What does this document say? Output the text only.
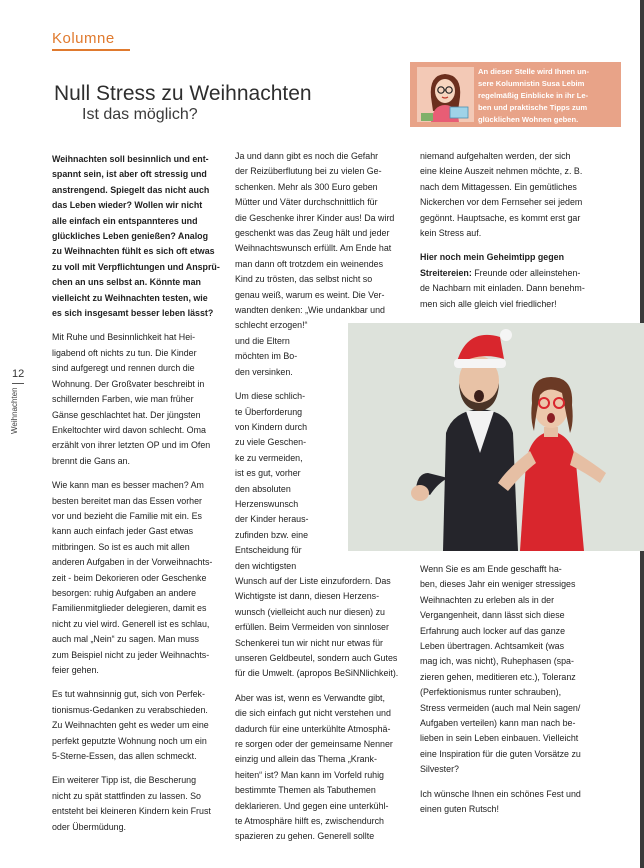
Kolumne
Null Stress zu Weihnachten
Ist das möglich?
An dieser Stelle wird Ihnen un-
sere Kolumnistin Susa Lebim
regelmäßig Einblicke in ihr Le-
ben und praktische Tipps zum
glücklichen Wohnen geben.
12
Weihnachten

Weihnachten soll besinnlich und ent-
spannt sein, ist aber oft stressig und
anstrengend. Spiegelt das nicht auch
das Leben wieder? Wollen wir nicht
alle einfach ein entspannteres und
glückliches Leben genießen? Analog
zu Weihnachten fühlt es sich oft etwas
zu voll mit Verpflichtungen und Ansprü-
chen an uns selbst an. Könnte man
vielleicht zu Weihnachten testen, wie
es sich insgesamt besser leben lässt?

Mit Ruhe und Besinnlichkeit hat Hei-
ligabend oft nichts zu tun. Die Kinder
sind aufgeregt und rennen durch die
Wohnung. Der Großvater beschreibt in
schillernden Farben, wie man früher
Gänse geschlachtet hat. Der jüngsten
Enkeltochter wird davon schlecht. Oma
erzählt von ihrer letzten OP und im Ofen
brennt die Gans an.

Wie kann man es besser machen? Am
besten bereitet man das Essen vorher
vor und bezieht die Familie mit ein. Es
kann auch einfach jeder Gast etwas
mitbringen. So ist es auch mit allen
anderen Aufgaben in der Vorweihnachts-
zeit - beim Dekorieren oder Geschenke
besorgen: ruhig Aufgaben an andere
Familienmitglieder delegieren, damit es
nicht zu viel wird. Generell ist es schlau,
auch mal „Nein“ zu sagen. Man muss
zum Beispiel nicht zu jeder Weihnachts-
feier gehen.

Es tut wahnsinnig gut, sich von Perfek-
tionismus-Gedanken zu verabschieden.
Zu Weihnachten geht es weder um eine
perfekt geputzte Wohnung noch um ein
5-Sterne-Essen, das allen schmeckt.

Ein weiterer Tipp ist, die Bescherung
nicht zu spät stattfinden zu lassen. So
entsteht bei kleineren Kindern kein Frust
oder Übermüdung.

Ja und dann gibt es noch die Gefahr
der Reizüberflutung bei zu vielen Ge-
schenken. Mehr als 300 Euro geben
Mütter und Väter durchschnittlich für
die Geschenke ihrer Kinder aus! Da wird
geschenkt was das Zeug hält und jeder
Weihnachtswunsch erfüllt. Am Ende hat
man dann oft trotzdem ein weinendes
Kind zu trösten, das selbst nicht so
genau weiß, warum es weint. Die Ver-
wandten denken: „Wie undankbar und
schlecht erzogen!“
und die Eltern
möchten im Bo-
den versinken.

Um diese schlich-
te Überforderung
von Kindern durch
zu viele Geschen-
ke zu vermeiden,
ist es gut, vorher
den absoluten
Herzenswunsch
der Kinder heraus-
zufinden bzw. eine
Entscheidung für
den wichtigsten
Wunsch auf der Liste einzufordern. Das
Wichtigste ist dann, diesen Herzens-
wunsch (vielleicht auch nur diesen) zu
erfüllen. Beim Vermeiden von sinnloser
Schenkerei tun wir nicht nur etwas für
unseren Geldbeutel, sondern auch Gutes
für die Umwelt. (apropos BeSiNNlichkeit).

Aber was ist, wenn es Verwandte gibt,
die sich einfach gut nicht verstehen und
dadurch für eine unterkühlte Atmosphä-
re sorgen oder der gemeinsame Nenner
einzig und allein das Thema „Krank-
heiten“ ist? Man kann im Vorfeld ruhig
bestimmte Themen als Tabuthemen
deklarieren. Und gegen eine unterkühl-
te Atmosphäre hilft es, zwischendurch
spazieren zu gehen. Generell sollte

niemand aufgehalten werden, der sich
eine kleine Auszeit nehmen möchte, z. B.
nach dem Mittagessen. Ein gemütliches
Nickerchen vor dem Fernseher sei jedem
gegönnt. Hauptsache, es kommt erst gar
kein Stress auf.

Hier noch mein Geheimtipp gegen
Streitereien: Freunde oder alleinstehen-
de Nachbarn mit einladen. Dann benehm-
men sich alle gleich viel friedlicher!

Wenn Sie es am Ende geschafft ha-
ben, dieses Jahr ein weniger stressiges
Weihnachten zu erleben als in der
Vergangenheit, dann lässt sich diese
Erfahrung auch locker auf das ganze
Leben übertragen. Achtsamkeit (was
mag ich, was nicht), Ruhephasen (spa-
zieren gehen, meditieren etc.), Toleranz
(Perfektionismus runter schrauben),
Stress vermeiden (auch mal Nein sagen/
Aufgaben verteilen) kann man nach be-
lieben in sein Leben einbauen. Vielleicht
eine Inspiration für die guten Vorsätze zu
Silvester?

Ich wünsche Ihnen ein schönes Fest und
einen guten Rutsch!
